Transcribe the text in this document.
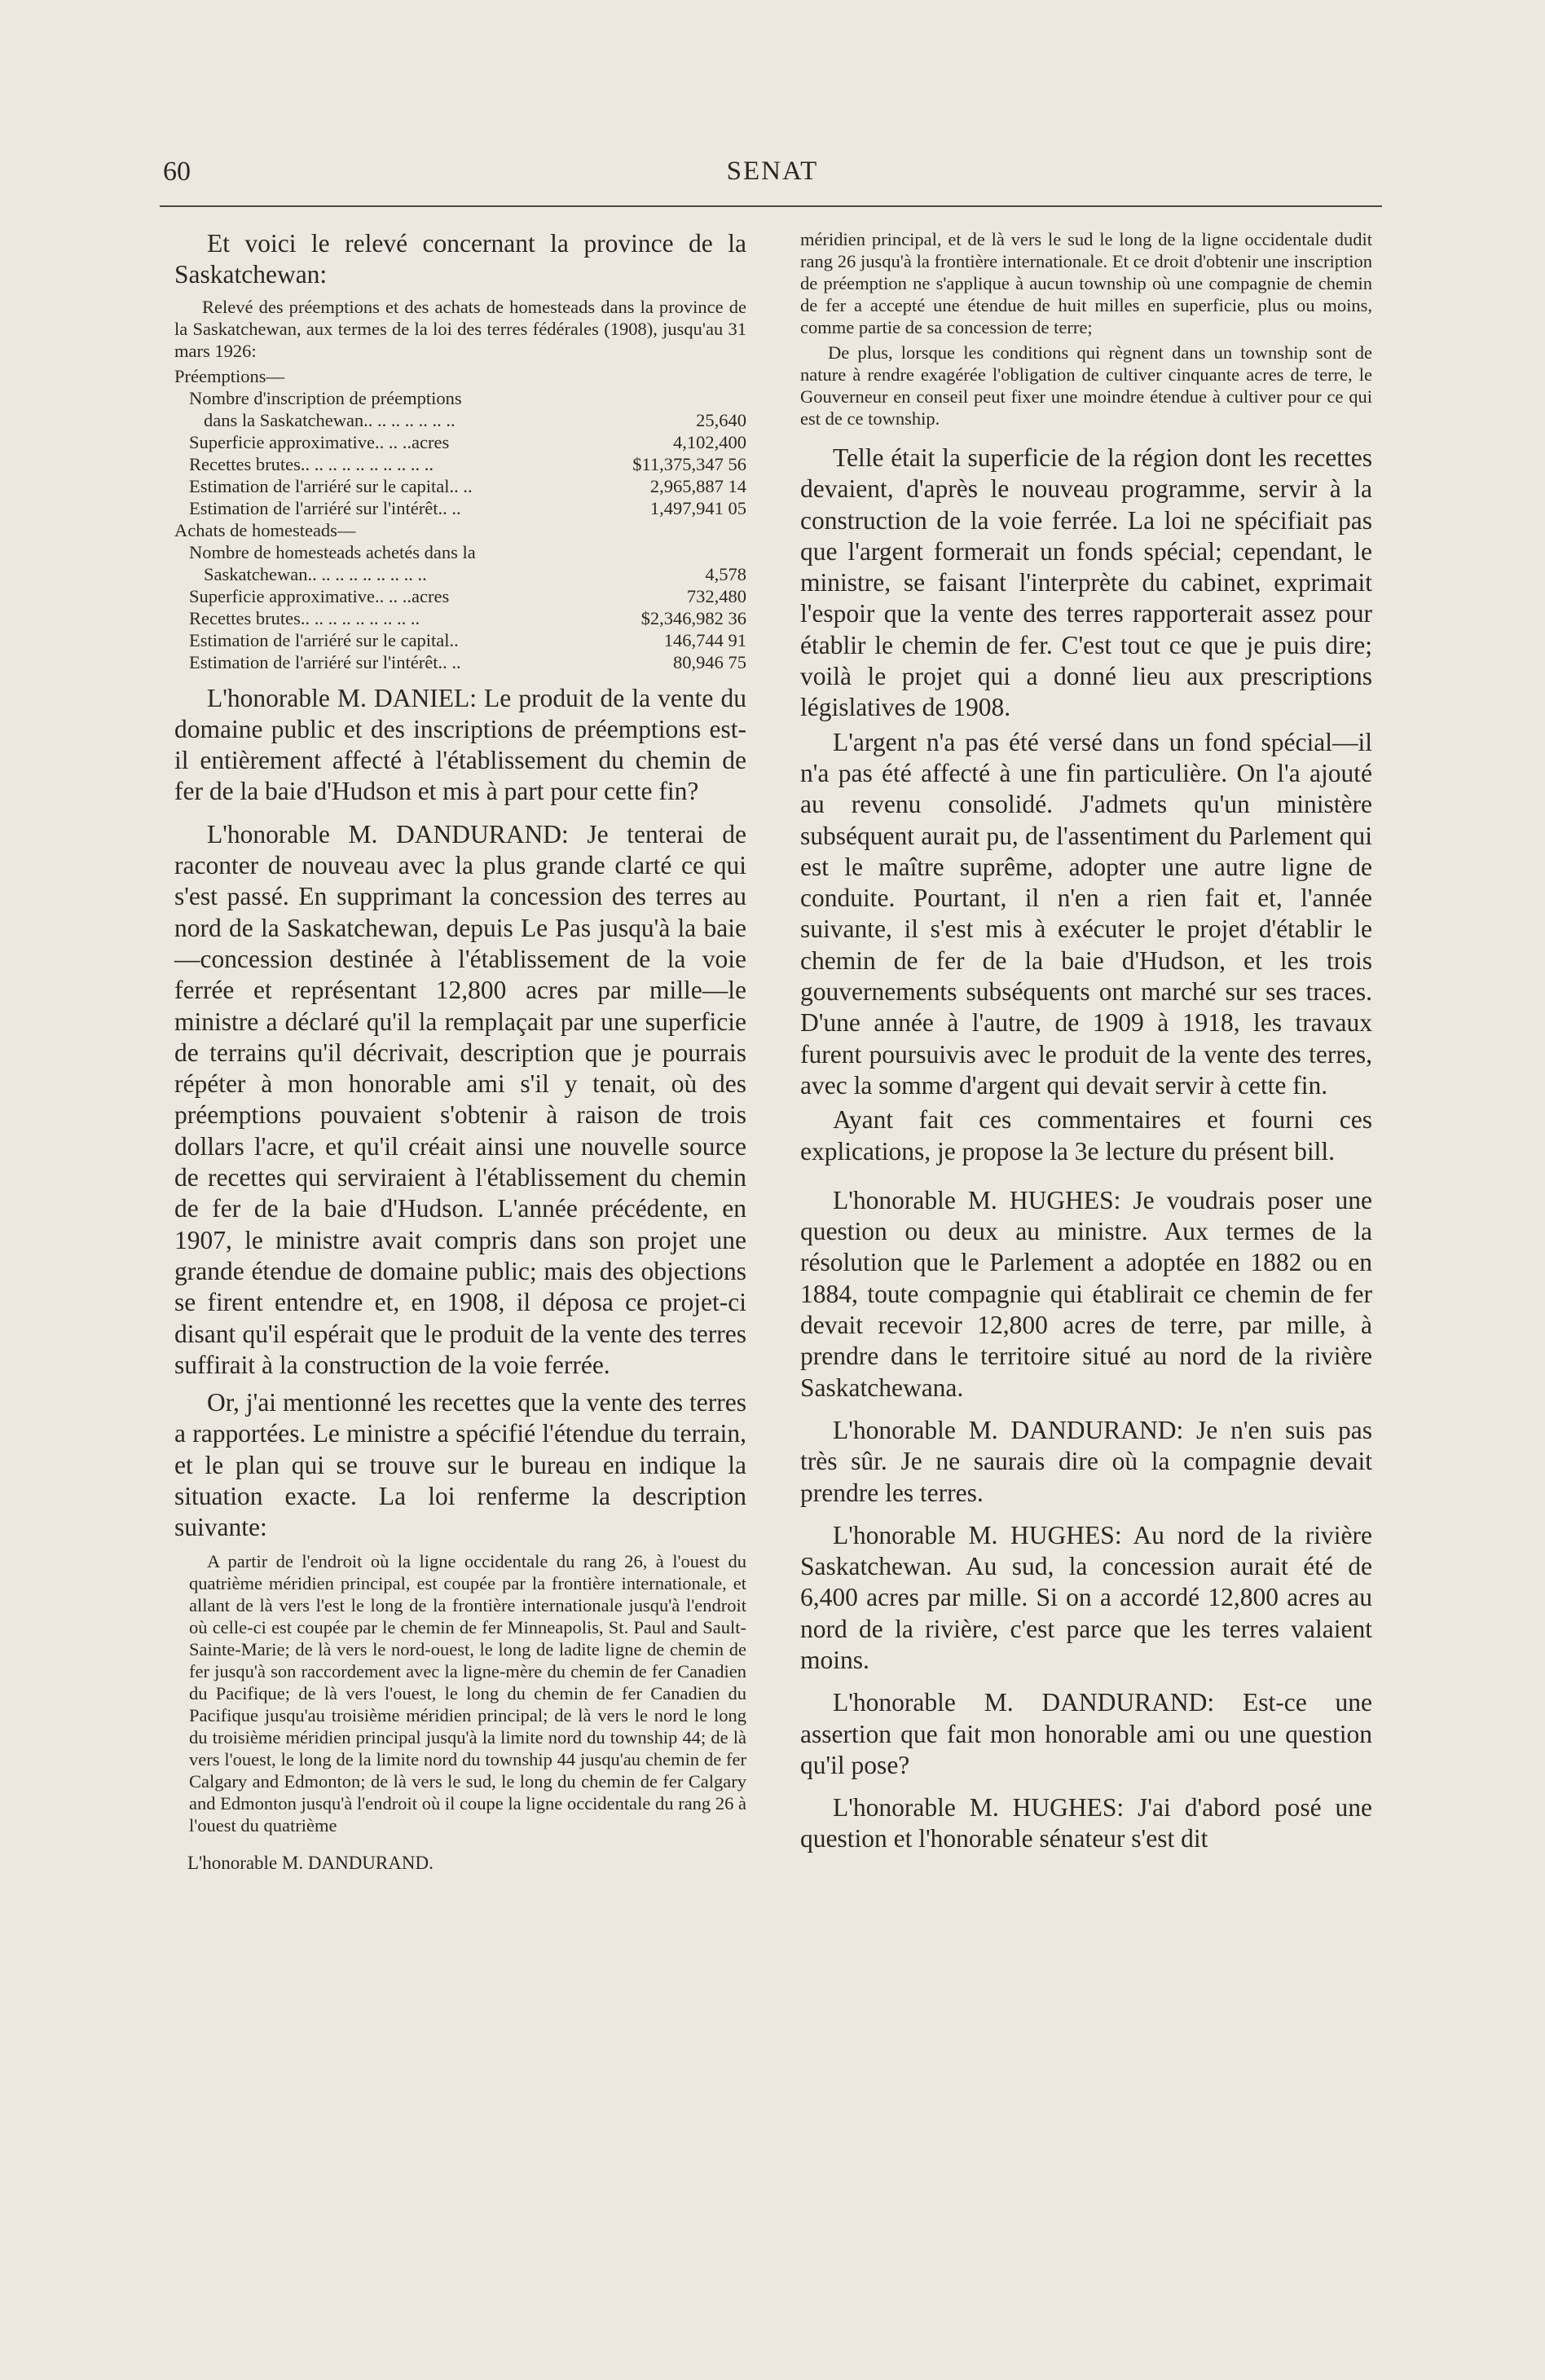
60	SENAT

Et voici le relevé concernant la province de la Saskatchewan:

Relevé des préemptions et des achats de homesteads dans la province de la Saskatchewan, aux termes de la loi des terres fédérales (1908), jusqu'au 31 mars 1926:

Préemptions—
Nombre d'inscription de préemptions
dans la Saskatchewan.. .. .. .. .. .. ..	25,640
Superficie approximative.. .. ..acres	4,102,400
Recettes brutes.. .. .. .. .. .. .. .. .. ..	$11,375,347 56
Estimation de l'arriéré sur le capital.. ..	2,965,887 14
Estimation de l'arriéré sur l'intérêt.. ..	1,497,941 05
Achats de homesteads—
Nombre de homesteads achetés dans la
Saskatchewan.. .. .. .. .. .. .. .. ..	4,578
Superficie approximative.. .. ..acres	732,480
Recettes brutes.. .. .. .. .. .. .. .. ..	$2,346,982 36
Estimation de l'arriéré sur le capital..	146,744 91
Estimation de l'arriéré sur l'intérêt.. ..	80,946 75

L'honorable M. DANIEL: Le produit de la vente du domaine public et des inscriptions de préemptions est-il entièrement affecté à l'établissement du chemin de fer de la baie d'Hudson et mis à part pour cette fin?

L'honorable M. DANDURAND: Je tenterai de raconter de nouveau avec la plus grande clarté ce qui s'est passé. En supprimant la concession des terres au nord de la Saskatchewan, depuis Le Pas jusqu'à la baie—concession destinée à l'établissement de la voie ferrée et représentant 12,800 acres par mille—le ministre a déclaré qu'il la remplaçait par une superficie de terrains qu'il décrivait, description que je pourrais répéter à mon honorable ami s'il y tenait, où des préemptions pouvaient s'obtenir à raison de trois dollars l'acre, et qu'il créait ainsi une nouvelle source de recettes qui serviraient à l'établissement du chemin de fer de la baie d'Hudson. L'année précédente, en 1907, le ministre avait compris dans son projet une grande étendue de domaine public; mais des objections se firent entendre et, en 1908, il déposa ce projet-ci disant qu'il espérait que le produit de la vente des terres suffirait à la construction de la voie ferrée.

Or, j'ai mentionné les recettes que la vente des terres a rapportées. Le ministre a spécifié l'étendue du terrain, et le plan qui se trouve sur le bureau en indique la situation exacte. La loi renferme la description suivante:

A partir de l'endroit où la ligne occidentale du rang 26, à l'ouest du quatrième méridien principal, est coupée par la frontière internationale, et allant de là vers l'est le long de la frontière internationale jusqu'à l'endroit où celle-ci est coupée par le chemin de fer Minneapolis, St. Paul and Sault-Sainte-Marie; de là vers le nord-ouest, le long de ladite ligne de chemin de fer jusqu'à son raccordement avec la ligne-mère du chemin de fer Canadien du Pacifique; de là vers l'ouest, le long du chemin de fer Canadien du Pacifique jusqu'au troisième méridien principal; de là vers le nord le long du troisième méridien principal jusqu'à la limite nord du township 44; de là vers l'ouest, le long de la limite nord du township 44 jusqu'au chemin de fer Calgary and Edmonton; de là vers le sud, le long du chemin de fer Calgary and Edmonton jusqu'à l'endroit où il coupe la ligne occidentale du rang 26 à l'ouest du quatrième

L'honorable M. DANDURAND.

méridien principal, et de là vers le sud le long de la ligne occidentale dudit rang 26 jusqu'à la frontière internationale. Et ce droit d'obtenir une inscription de préemption ne s'applique à aucun township où une compagnie de chemin de fer a accepté une étendue de huit milles en superficie, plus ou moins, comme partie de sa concession de terre;

De plus, lorsque les conditions qui règnent dans un township sont de nature à rendre exagérée l'obligation de cultiver cinquante acres de terre, le Gouverneur en conseil peut fixer une moindre étendue à cultiver pour ce qui est de ce township.

Telle était la superficie de la région dont les recettes devaient, d'après le nouveau programme, servir à la construction de la voie ferrée. La loi ne spécifiait pas que l'argent formerait un fonds spécial; cependant, le ministre, se faisant l'interprète du cabinet, exprimait l'espoir que la vente des terres rapporterait assez pour établir le chemin de fer. C'est tout ce que je puis dire; voilà le projet qui a donné lieu aux prescriptions législatives de 1908.

L'argent n'a pas été versé dans un fond spécial—il n'a pas été affecté à une fin particulière. On l'a ajouté au revenu consolidé. J'admets qu'un ministère subséquent aurait pu, de l'assentiment du Parlement qui est le maître suprême, adopter une autre ligne de conduite. Pourtant, il n'en a rien fait et, l'année suivante, il s'est mis à exécuter le projet d'établir le chemin de fer de la baie d'Hudson, et les trois gouvernements subséquents ont marché sur ses traces. D'une année à l'autre, de 1909 à 1918, les travaux furent poursuivis avec le produit de la vente des terres, avec la somme d'argent qui devait servir à cette fin.

Ayant fait ces commentaires et fourni ces explications, je propose la 3e lecture du présent bill.

L'honorable M. HUGHES: Je voudrais poser une question ou deux au ministre. Aux termes de la résolution que le Parlement a adoptée en 1882 ou en 1884, toute compagnie qui établirait ce chemin de fer devait recevoir 12,800 acres de terre, par mille, à prendre dans le territoire situé au nord de la rivière Saskatchewana.

L'honorable M. DANDURAND: Je n'en suis pas très sûr. Je ne saurais dire où la compagnie devait prendre les terres.

L'honorable M. HUGHES: Au nord de la rivière Saskatchewan. Au sud, la concession aurait été de 6,400 acres par mille. Si on a accordé 12,800 acres au nord de la rivière, c'est parce que les terres valaient moins.

L'honorable M. DANDURAND: Est-ce une assertion que fait mon honorable ami ou une question qu'il pose?

L'honorable M. HUGHES: J'ai d'abord posé une question et l'honorable sénateur s'est dit
